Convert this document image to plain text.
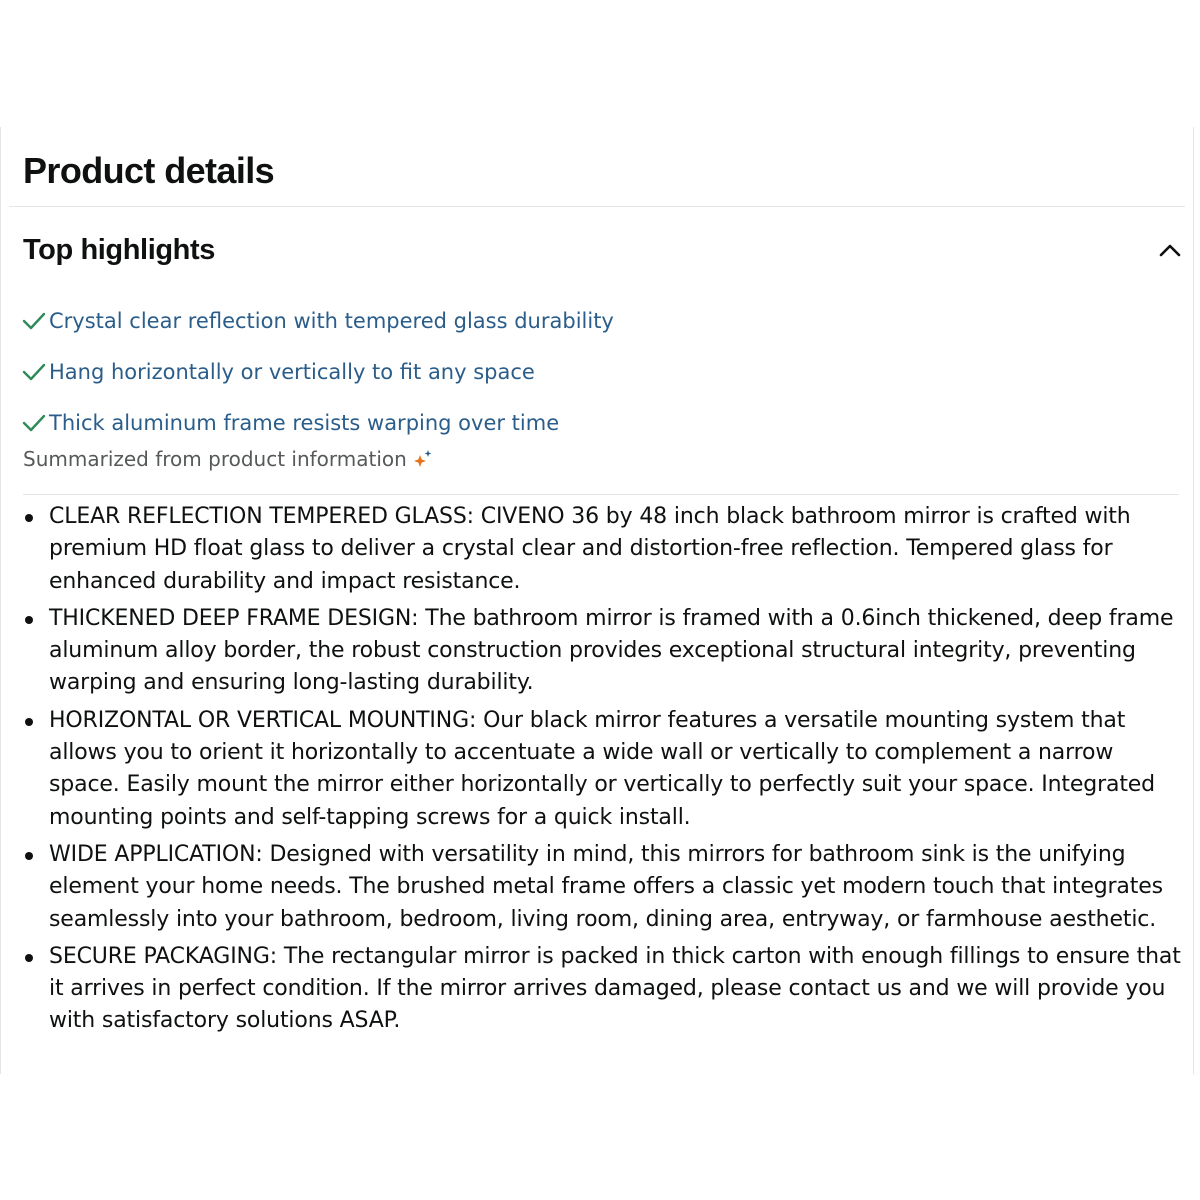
Product details
Top highlights
Crystal clear reflection with tempered glass durability
Hang horizontally or vertically to fit any space
Thick aluminum frame resists warping over time
Summarized from product information
CLEAR REFLECTION TEMPERED GLASS: CIVENO 36 by 48 inch black bathroom mirror is crafted with premium HD float glass to deliver a crystal clear and distortion-free reflection. Tempered glass for enhanced durability and impact resistance.
THICKENED DEEP FRAME DESIGN: The bathroom mirror is framed with a 0.6inch thickened, deep frame aluminum alloy border, the robust construction provides exceptional structural integrity, preventing warping and ensuring long-lasting durability.
HORIZONTAL OR VERTICAL MOUNTING: Our black mirror features a versatile mounting system that allows you to orient it horizontally to accentuate a wide wall or vertically to complement a narrow space. Easily mount the mirror either horizontally or vertically to perfectly suit your space. Integrated mounting points and self-tapping screws for a quick install.
WIDE APPLICATION: Designed with versatility in mind, this mirrors for bathroom sink is the unifying element your home needs. The brushed metal frame offers a classic yet modern touch that integrates seamlessly into your bathroom, bedroom, living room, dining area, entryway, or farmhouse aesthetic.
SECURE PACKAGING: The rectangular mirror is packed in thick carton with enough fillings to ensure that it arrives in perfect condition. If the mirror arrives damaged, please contact us and we will provide you with satisfactory solutions ASAP.
